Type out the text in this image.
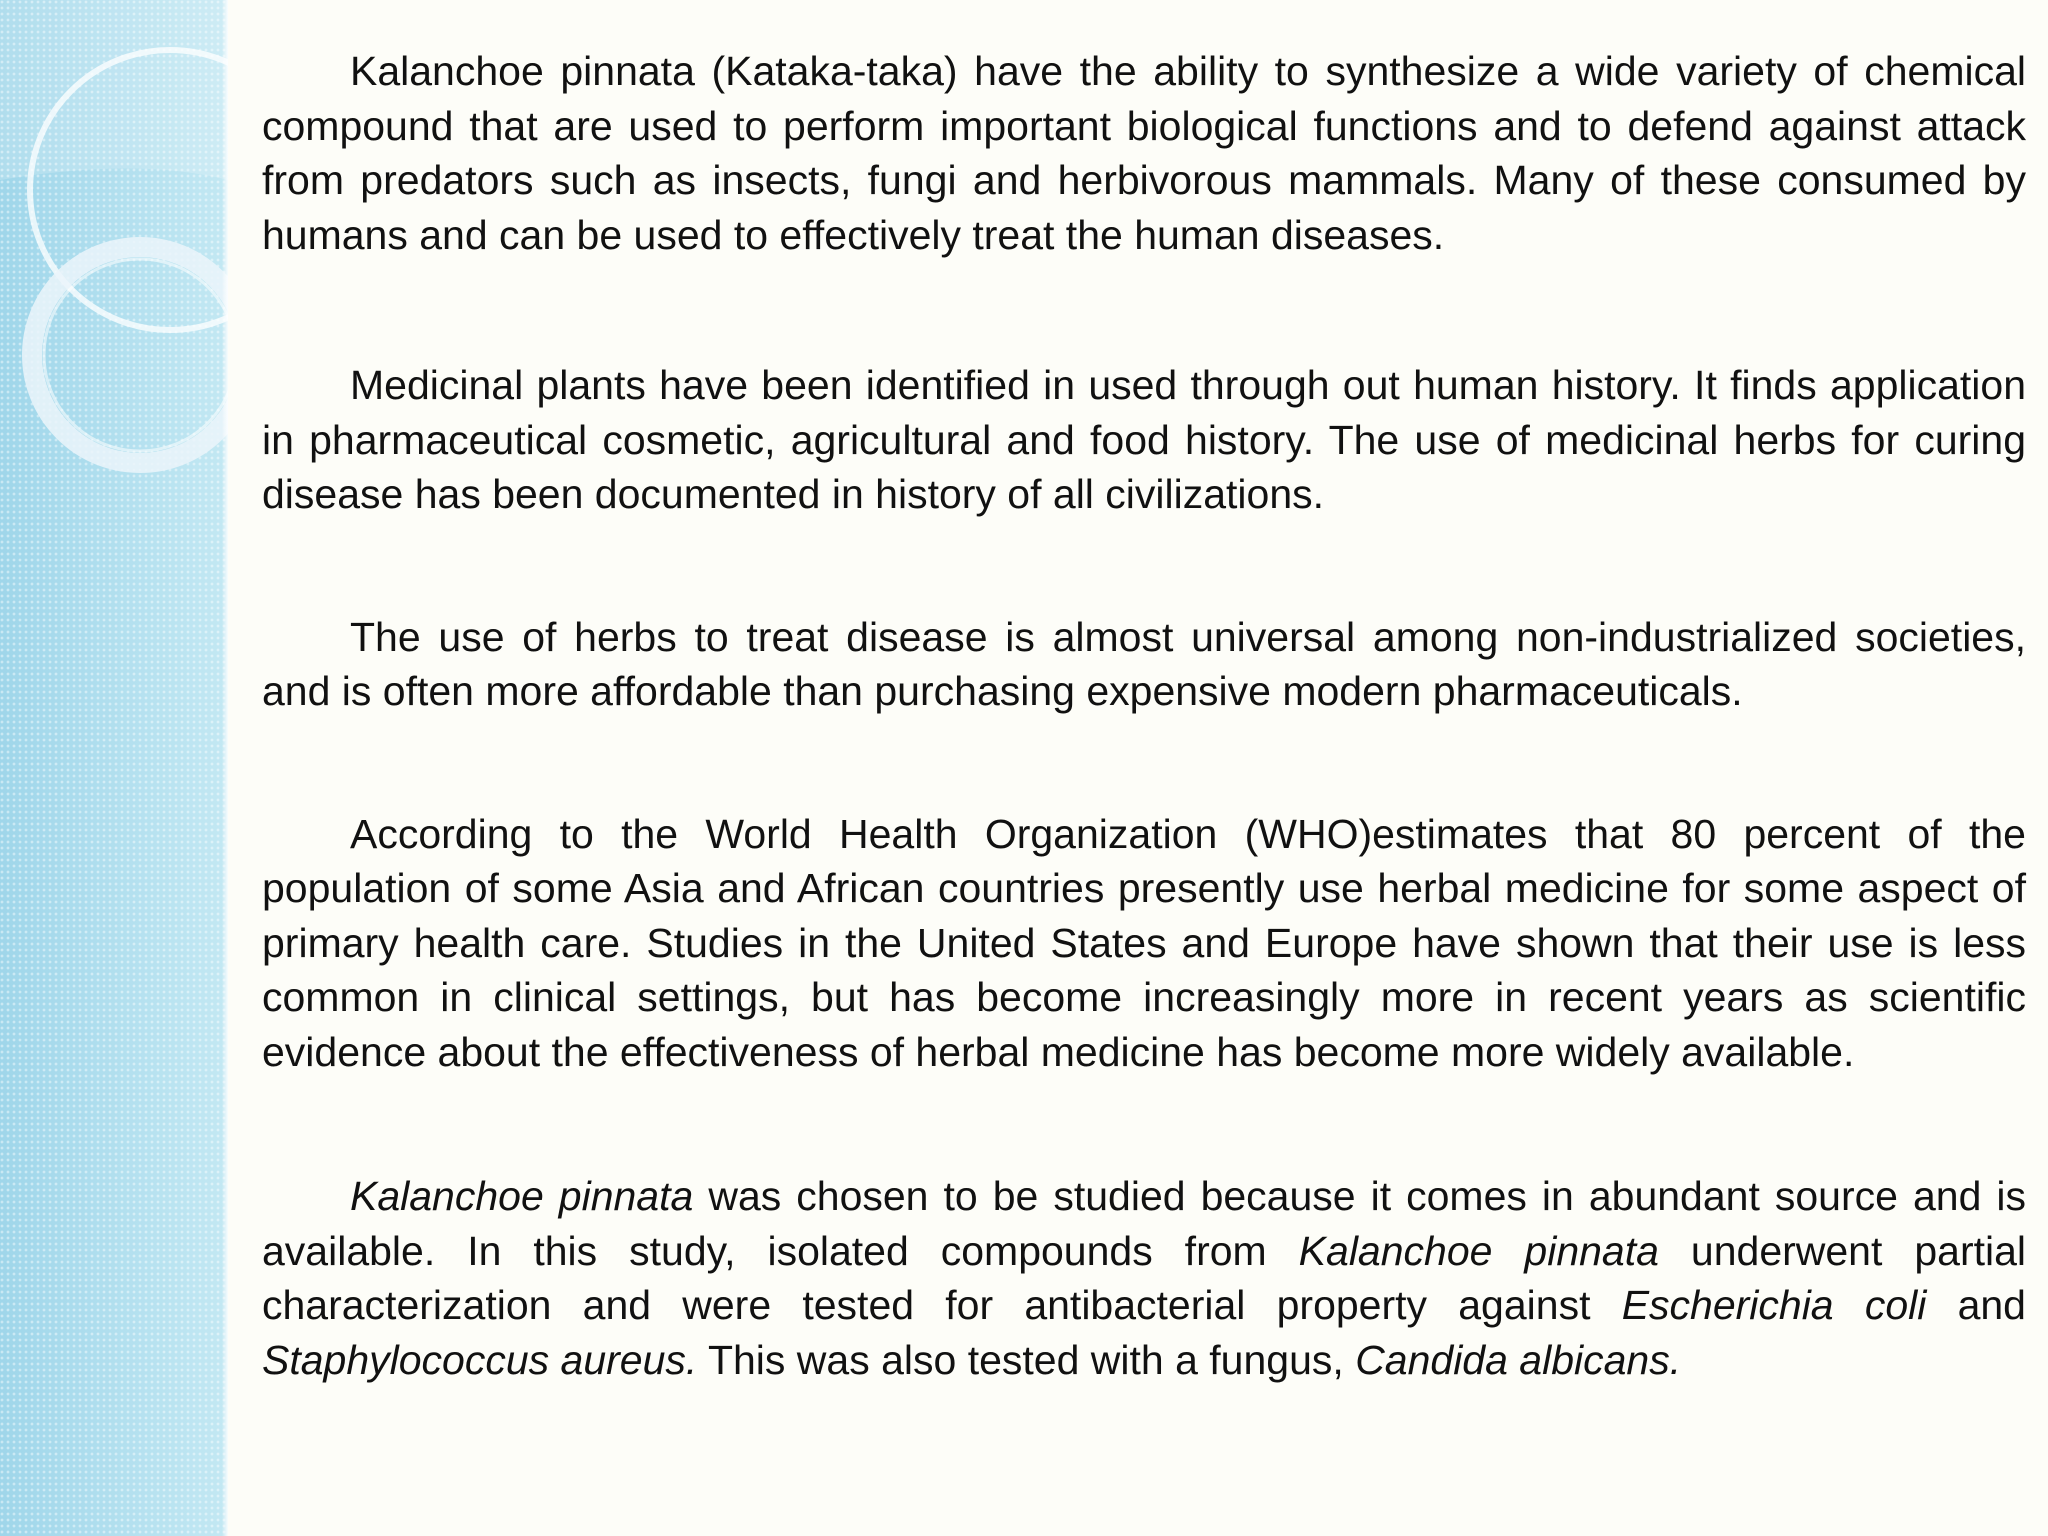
Kalanchoe pinnata (Kataka-taka) have the ability to synthesize a wide variety of chemical compound that are used to perform important biological functions and to defend against attack from predators such as insects, fungi and herbivorous mammals. Many of these consumed by humans and can be used to effectively treat the human diseases.

Medicinal plants have been identified in used through out human history. It finds application in pharmaceutical cosmetic, agricultural and food history. The use of medicinal herbs for curing disease has been documented in history of all civilizations.

The use of herbs to treat disease is almost universal among non-industrialized societies, and is often more affordable than purchasing expensive modern pharmaceuticals.

According to the World Health Organization (WHO)estimates that 80 percent of the population of some Asia and African countries presently use herbal medicine for some aspect of primary health care. Studies in the United States and Europe have shown that their use is less common in clinical settings, but has become increasingly more in recent years as scientific evidence about the effectiveness of herbal medicine has become more widely available.

Kalanchoe pinnata was chosen to be studied because it comes in abundant source and is available. In this study, isolated compounds from Kalanchoe pinnata underwent partial characterization and were tested for antibacterial property against Escherichia coli and Staphylococcus aureus. This was also tested with a fungus, Candida albicans.
